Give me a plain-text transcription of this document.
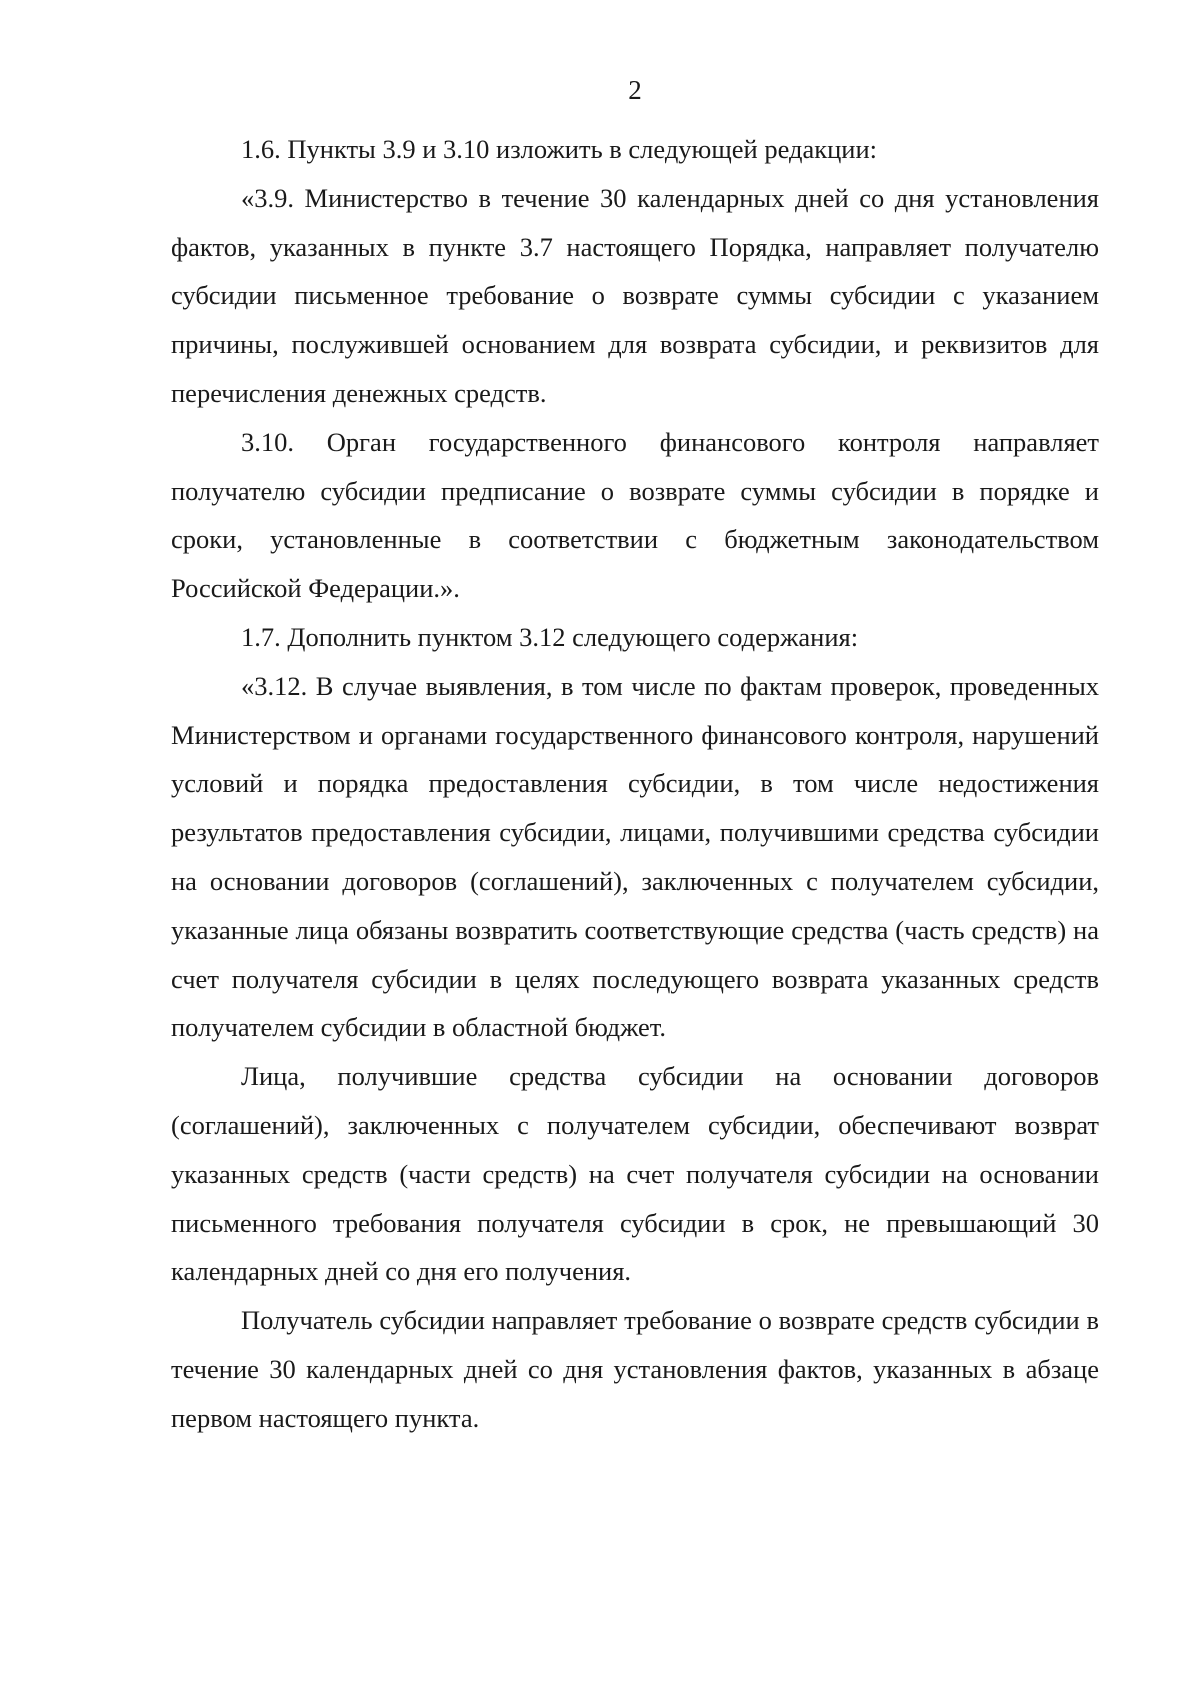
2

1.6. Пункты 3.9 и 3.10 изложить в следующей редакции:

«3.9. Министерство в течение 30 календарных дней со дня установления фактов, указанных в пункте 3.7 настоящего Порядка, направляет получателю субсидии письменное требование о возврате суммы субсидии с указанием причины, послужившей основанием для возврата субсидии, и реквизитов для перечисления денежных средств.

3.10. Орган государственного финансового контроля направляет получателю субсидии предписание о возврате суммы субсидии в порядке и сроки, установленные в соответствии с бюджетным законодательством Российской Федерации.».

1.7. Дополнить пунктом 3.12 следующего содержания:

«3.12. В случае выявления, в том числе по фактам проверок, проведенных Министерством и органами государственного финансового контроля, нарушений условий и порядка предоставления субсидии, в том числе недостижения результатов предоставления субсидии, лицами, получившими средства субсидии на основании договоров (соглашений), заключенных с получателем субсидии, указанные лица обязаны возвратить соответствующие средства (часть средств) на счет получателя субсидии в целях последующего возврата указанных средств получателем субсидии в областной бюджет.

Лица, получившие средства субсидии на основании договоров (соглашений), заключенных с получателем субсидии, обеспечивают возврат указанных средств (части средств) на счет получателя субсидии на основании письменного требования получателя субсидии в срок, не превышающий 30 календарных дней со дня его получения.

Получатель субсидии направляет требование о возврате средств субсидии в течение 30 календарных дней со дня установления фактов, указанных в абзаце первом настоящего пункта.
